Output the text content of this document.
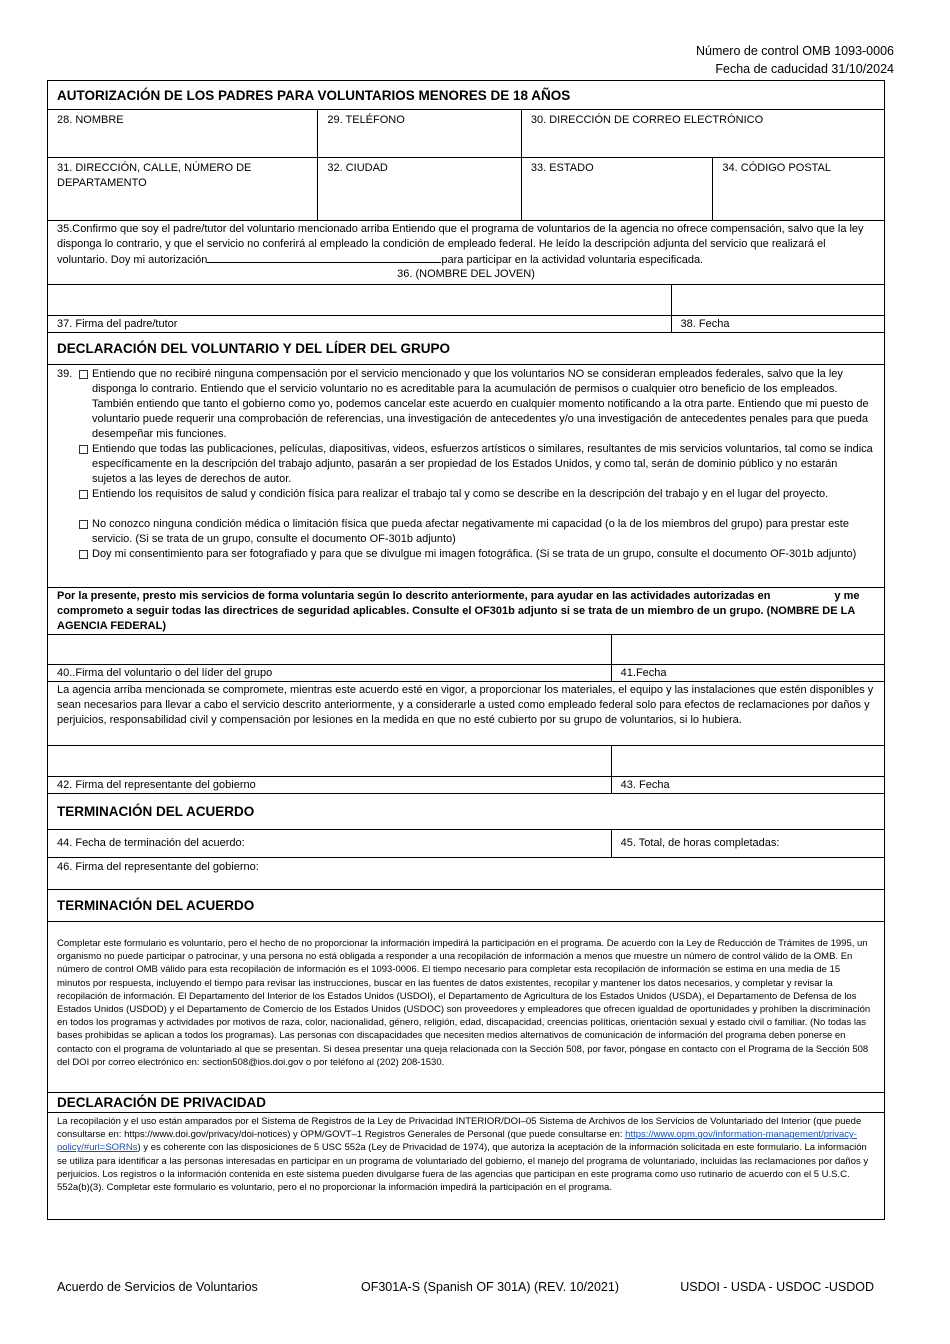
Número de control OMB 1093-0006
Fecha de caducidad 31/10/2024
AUTORIZACIÓN DE LOS PADRES PARA VOLUNTARIOS MENORES DE 18 AÑOS
28. NOMBRE	29. TELÉFONO	30. DIRECCIÓN DE CORREO ELECTRÓNICO
31. DIRECCIÓN, CALLE, NÚMERO DE DEPARTAMENTO
32. CIUDAD	33. ESTADO	34. CÓDIGO POSTAL
35.Confirmo que soy el padre/tutor del voluntario mencionado arriba Entiendo que el programa de voluntarios de la agencia no ofrece compensación, salvo que la ley disponga lo contrario, y que el servicio no conferirá al empleado la condición de empleado federal. He leído la descripción adjunta del servicio que realizará el voluntario. Doy mi autorización	para participar en la actividad voluntaria especificada.
36. (NOMBRE DEL JOVEN)
37. Firma del padre/tutor	38. Fecha
DECLARACIÓN DEL VOLUNTARIO Y DEL LÍDER DEL GRUPO
39.	Entiendo que no recibiré ninguna compensación por el servicio mencionado y que los voluntarios NO se consideran empleados federales, salvo que la ley disponga lo contrario. Entiendo que el servicio voluntario no es acreditable para la acumulación de permisos o cualquier otro beneficio de los empleados. También entiendo que tanto el gobierno como yo, podemos cancelar este acuerdo en cualquier momento notificando a la otra parte. Entiendo que mi puesto de voluntario puede requerir una comprobación de referencias, una investigación de antecedentes y/o una investigación de antecedentes penales para que pueda desempeñar mis funciones.
Entiendo que todas las publicaciones, películas, diapositivas, videos, esfuerzos artísticos o similares, resultantes de mis servicios voluntarios, tal como se indica específicamente en la descripción del trabajo adjunto, pasarán a ser propiedad de los Estados Unidos, y como tal, serán de dominio público y no estarán sujetos a las leyes de derechos de autor.
Entiendo los requisitos de salud y condición física para realizar el trabajo tal y como se describe en la descripción del trabajo y en el lugar del proyecto.
No conozco ninguna condición médica o limitación física que pueda afectar negativamente mi capacidad (o la de los miembros del grupo) para prestar este servicio. (Si se trata de un grupo, consulte el documento OF-301b adjunto)
Doy mi consentimiento para ser fotografiado y para que se divulgue mi imagen fotográfica. (Si se trata de un grupo, consulte el documento OF-301b adjunto)
Por la presente, presto mis servicios de forma voluntaria según lo descrito anteriormente, para ayudar en las actividades autorizadas en	y me comprometo a seguir todas las directrices de seguridad aplicables. Consulte el OF301b adjunto si se trata de un miembro de un grupo. (NOMBRE DE LA AGENCIA FEDERAL)
40..Firma del voluntario o del líder del grupo	41.Fecha
La agencia arriba mencionada se compromete, mientras este acuerdo esté en vigor, a proporcionar los materiales, el equipo y las instalaciones que estén disponibles y sean necesarios para llevar a cabo el servicio descrito anteriormente, y a considerarle a usted como empleado federal solo para efectos de reclamaciones por daños y perjuicios, responsabilidad civil y compensación por lesiones en la medida en que no esté cubierto por su grupo de voluntarios, si lo hubiera.
42. Firma del representante del gobierno	43. Fecha
TERMINACIÓN DEL ACUERDO
44. Fecha de terminación del acuerdo:	45. Total, de horas completadas:
46. Firma del representante del gobierno:
TERMINACIÓN DEL ACUERDO
Completar este formulario es voluntario, pero el hecho de no proporcionar la información impedirá la participación en el programa. De acuerdo con la Ley de Reducción de Trámites de 1995, un organismo no puede participar o patrocinar, y una persona no está obligada a responder a una recopilación de información a menos que muestre un número de control válido de la OMB. En número de control OMB válido para esta recopilación de información es el 1093-0006. El tiempo necesario para completar esta recopilación de información se estima en una media de 15 minutos por respuesta, incluyendo el tiempo para revisar las instrucciones, buscar en las fuentes de datos existentes, recopilar y mantener los datos necesarios, y completar y revisar la recopilación de información. El Departamento del Interior de los Estados Unidos (USDOI), el Departamento de Agricultura de los Estados Unidos (USDA), el Departamento de Defensa de los Estados Unidos (USDOD) y el Departamento de Comercio de los Estados Unidos (USDOC) son proveedores y empleadores que ofrecen igualdad de oportunidades y prohíben la discriminación en todos los programas y actividades por motivos de raza, color, nacionalidad, género, religión, edad, discapacidad, creencias políticas, orientación sexual y estado civil o familiar. (No todas las bases prohibidas se aplican a todos los programas). Las personas con discapacidades que necesiten medios alternativos de comunicación de información del programa deben ponerse en contacto con el programa de voluntariado al que se presentan. Si desea presentar una queja relacionada con la Sección 508, por favor, póngase en contacto con el Programa de la Sección 508 del DOI por correo electrónico en: section508@ios.doi.gov o por teléfono al (202) 208-1530.
DECLARACIÓN DE PRIVACIDAD
La recopilación y el uso están amparados por el Sistema de Registros de la Ley de Privacidad INTERIOR/DOI–05 Sistema de Archivos de los Servicios de Voluntariado del Interior (que puede consultarse en: https://www.doi.gov/privacy/doi-notices) y OPM/GOVT–1 Registros Generales de Personal (que puede consultarse en: https://www.opm.gov/information-management/privacy-policy/#url=SORNs) y es coherente con las disposiciones de 5 USC 552a (Ley de Privacidad de 1974), que autoriza la aceptación de la información solicitada en este formulario. La información se utiliza para identificar a las personas interesadas en participar en un programa de voluntariado del gobierno, el manejo del programa de voluntariado, incluidas las reclamaciones por daños y perjuicios. Los registros o la información contenida en este sistema pueden divulgarse fuera de las agencias que participan en este programa como uso rutinario de acuerdo con el 5 U.S.C. 552a(b)(3). Completar este formulario es voluntario, pero el no proporcionar la información impedirá la participación en el programa.
Acuerdo de Servicios de Voluntarios	OF301A-S (Spanish OF 301A) (REV. 10/2021)	USDOI - USDA - USDOC -USDOD
